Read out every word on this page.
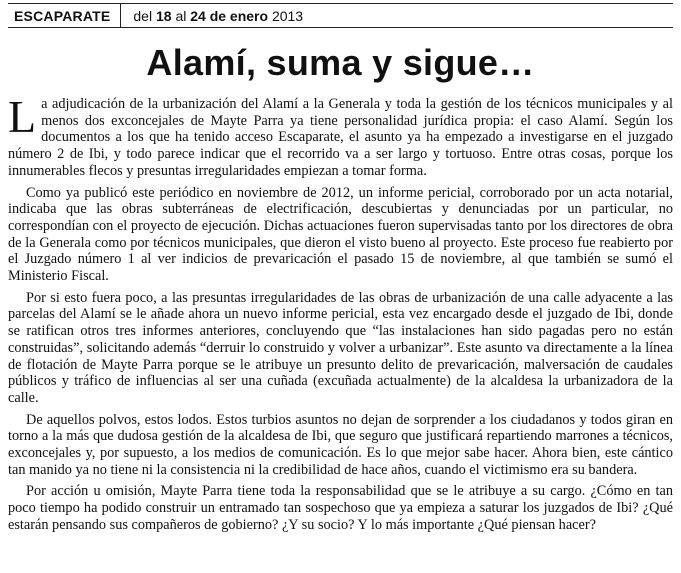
ESCAPARATE	del 18 al 24 de enero 2013
Alamí, suma y sigue…

La adjudicación de la urbanización del Alamí a la Generala y toda la gestión de los técnicos municipales y al menos dos exconcejales de Mayte Parra ya tiene personalidad jurídica propia: el caso Alamí. Según los documentos a los que ha tenido acceso Escaparate, el asunto ya ha empezado a investigarse en el juzgado número 2 de Ibi, y todo parece indicar que el recorrido va a ser largo y tortuoso. Entre otras cosas, porque los innumerables flecos y presuntas irregularidades empiezan a tomar forma.

Como ya publicó este periódico en noviembre de 2012, un informe pericial, corroborado por un acta notarial, indicaba que las obras subterráneas de electrificación, descubiertas y denunciadas por un particular, no correspondían con el proyecto de ejecución. Dichas actuaciones fueron supervisadas tanto por los directores de obra de la Generala como por técnicos municipales, que dieron el visto bueno al proyecto. Este proceso fue reabierto por el Juzgado número 1 al ver indicios de prevaricación el pasado 15 de noviembre, al que también se sumó el Ministerio Fiscal.

Por si esto fuera poco, a las presuntas irregularidades de las obras de urbanización de una calle adyacente a las parcelas del Alamí se le añade ahora un nuevo informe pericial, esta vez encargado desde el juzgado de Ibi, donde se ratifican otros tres informes anteriores, concluyendo que “las instalaciones han sido pagadas pero no están construidas”, solicitando además “derruir lo construido y volver a urbanizar”. Este asunto va directamente a la línea de flotación de Mayte Parra porque se le atribuye un presunto delito de prevaricación, malversación de caudales públicos y tráfico de influencias al ser una cuñada (excuñada actualmente) de la alcaldesa la urbanizadora de la calle.

De aquellos polvos, estos lodos. Estos turbios asuntos no dejan de sorprender a los ciudadanos y todos giran en torno a la más que dudosa gestión de la alcaldesa de Ibi, que seguro que justificará repartiendo marrones a técnicos, exconcejales y, por supuesto, a los medios de comunicación. Es lo que mejor sabe hacer. Ahora bien, este cántico tan manido ya no tiene ni la consistencia ni la credibilidad de hace años, cuando el victimismo era su bandera.

Por acción u omisión, Mayte Parra tiene toda la responsabilidad que se le atribuye a su cargo. ¿Cómo en tan poco tiempo ha podido construir un entramado tan sospechoso que ya empieza a saturar los juzgados de Ibi? ¿Qué estarán pensando sus compañeros de gobierno? ¿Y su socio? Y lo más importante ¿Qué piensan hacer?
